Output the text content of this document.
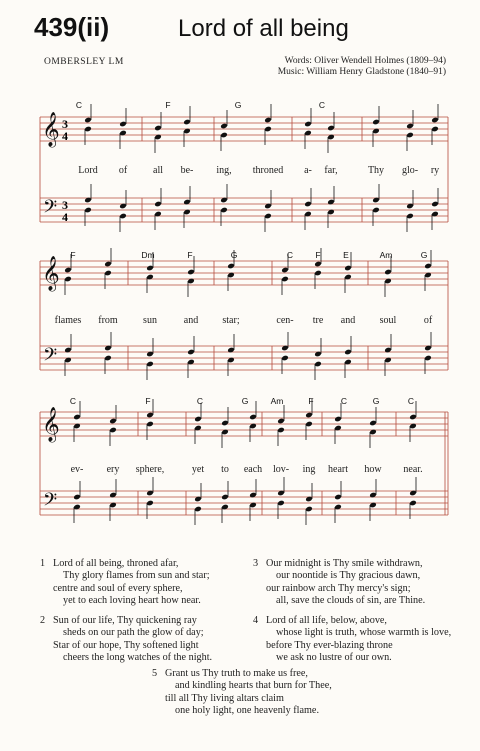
439(ii)	Lord of all being
OMBERSLEY LM	Words: Oliver Wendell Holmes (1809–94)
Music: William Henry Gladstone (1840–91)
𝄞
𝄢
3
4
3
4
C	F	G	C
Lord of	all be- ing, throned a- far,	Thy glo- ry
𝄞
𝄢
F	Dm	F	G	C	F	E	Am	G
flames from	sun	and star;	cen- tre and soul	of
𝄞
𝄢
C	F	C	G	Am	F	C	G	C
ev- ery sphere,	yet to each lov- ing heart how near.
1 Lord of all being, throned afar,
Thy glory flames from sun and star;
centre and soul of every sphere,
yet to each loving heart how near.
2 Sun of our life, Thy quickening ray
sheds on our path the glow of day;
Star of our hope, Thy softened light
cheers the long watches of the night.
3 Our midnight is Thy smile withdrawn,
our noontide is Thy gracious dawn,
our rainbow arch Thy mercy's sign;
all, save the clouds of sin, are Thine.
4 Lord of all life, below, above,
whose light is truth, whose warmth is love,
before Thy ever-blazing throne
we ask no lustre of our own.
5 Grant us Thy truth to make us free,
and kindling hearts that burn for Thee,
till all Thy living altars claim
one holy light, one heavenly flame.
